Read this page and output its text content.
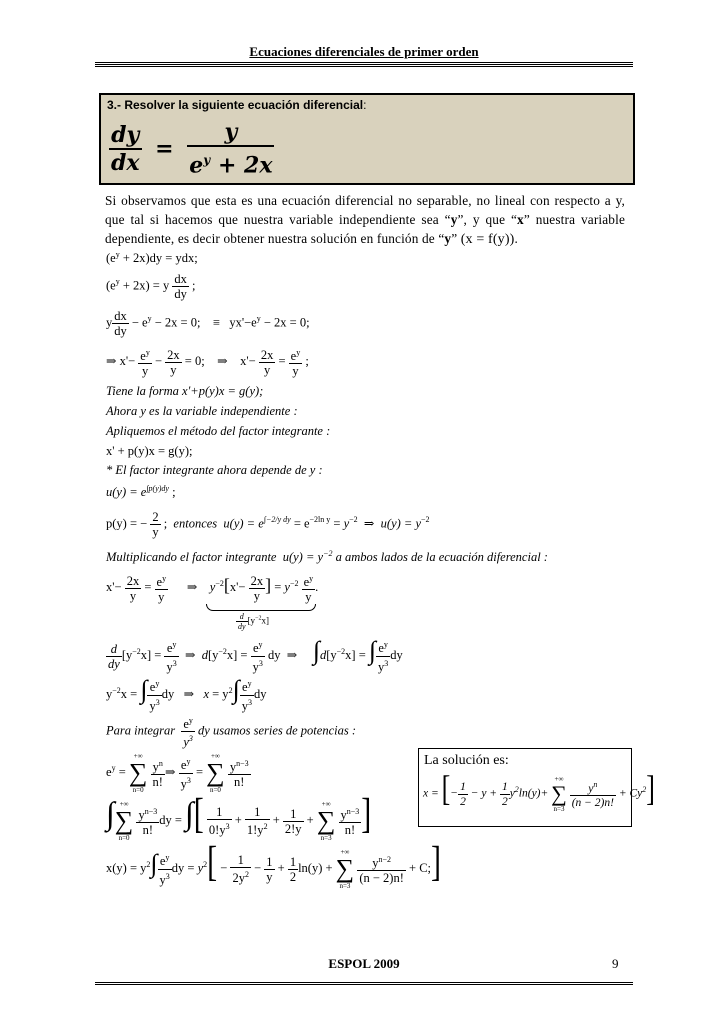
Ecuaciones diferenciales de primer orden
3.- Resolver la siguiente ecuación diferencial:
$\frac{dy}{dx} = \frac{y}{e^y + 2x}$
Si observamos que esta es una ecuación diferencial no separable, no lineal con respecto a y, que tal si hacemos que nuestra variable independiente sea “y”, y que “x” nuestra variable dependiente, es decir obtener nuestra solución en función de “y” (x = f(y)).
$(e^y + 2x)dy$ = ydx;
$(e^y + 2x) = y \frac{dx}{dy}$ ;
y $\frac{dx}{dy} - e^y - 2x = 0$;    ≡   $yx'-e^y - 2x = 0$;
⇒ $x'- \frac{e^y}{y} - \frac{2x}{y} = 0$;    ⇒    $x'- \frac{2x}{y} = \frac{e^y}{y}$ ;
Tiene la forma x'+p(y)x = g(y);
Ahora y es la variable independiente :
Apliquemos el método del factor integrante :
x' + p(y)x = g(y);
* El factor integrante ahora depende de y :
$u(y) = e^{\int p(y)dy}$ ;
p(y) = − $\frac{2}{y}$ ;  entonces  $u(y) = e^{\int-2/y dy} = e^{-2ln y} = y^{-2}$  ⇒  $u(y) = y^{-2}$
Multiplicando el factor integrante  $u(y) = y^{-2}$ a ambos lados de la ecuación diferencial :
$x'- \frac{2x}{y} = \frac{e^y}{y}$ ⇒    $y^{-2}[x'- \frac{2x}{y}$ ] = $y^{-2} \frac{e^y}{y}$ .
$\frac{d}{dy} [y^{-2}x]$
$\frac{d}{dy} [y^{-2}x] = \frac{e^y}{y^3}$ ⇒  $d[y^{-2}x] = \frac{e^y}{y^3}$ dy  ⇒     $\int d[y^{-2}x]$ = ∫ $\frac{e^y}{y^3}$ dy
$y^{-2}x$ = ∫ $\frac{e^y}{y^3}$ dy   ⇒   $x = y^2\int \frac{e^y}{y^3}$ dy
Para integrar $\frac{e^y}{y^3}$ dy usamos series de potencias :
$e^y$ =
+∞
∑
n=0

$\frac{y^n}{n!}$ ⇒ $\frac{e^y}{y^3}$ =
+∞
∑
n=0

$\frac{y^{n-3}}{n!}$
∫ +∞
∑
n=0

$\frac{y^{n-3}}{n!}$ dy = ∫[ $\frac{1}{0!y^3} + \frac{1}{1!y^2} + \frac{1}{2!y}$ +
+∞
∑
n=3

$\frac{y^{n-3}}{n!}$ ]
$x(y) = y^2\int \frac{e^y}{y^3}$ dy = $y^2[ - \frac{1}{2y^2} - \frac{1}{y} + \frac{1}{2} \ln(y)$ +
+∞
∑
n=3

$\frac{y^{n-2}}{(n - 2)n!}$ + C;]
La solución es:
x = [− $\frac{1}{2} - y + \frac{1}{2} y^2\ln(y)+$
+∞
∑
n=3
$\frac{y^n}{(n - 2)n!} + Cy^2$]
ESPOL 2009	9
